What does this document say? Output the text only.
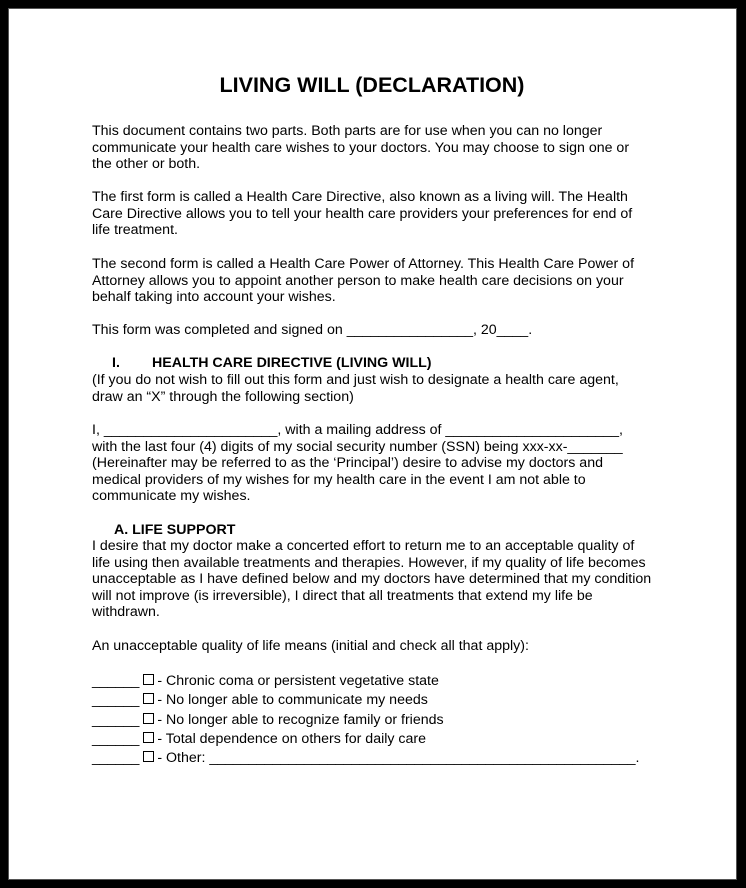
LIVING WILL (DECLARATION)

This document contains two parts. Both parts are for use when you can no longer communicate your health care wishes to your doctors. You may choose to sign one or the other or both.

The first form is called a Health Care Directive, also known as a living will. The Health Care Directive allows you to tell your health care providers your preferences for end of life treatment.

The second form is called a Health Care Power of Attorney. This Health Care Power of Attorney allows you to appoint another person to make health care decisions on your behalf taking into account your wishes.

This form was completed and signed on ________________, 20____.

I. HEALTH CARE DIRECTIVE (LIVING WILL)

(If you do not wish to fill out this form and just wish to designate a health care agent, draw an “X” through the following section)

I, ______________________, with a mailing address of ______________________, with the last four (4) digits of my social security number (SSN) being xxx-xx-_______ (Hereinafter may be referred to as the ‘Principal’) desire to advise my doctors and medical providers of my wishes for my health care in the event I am not able to communicate my wishes.

A. LIFE SUPPORT

I desire that my doctor make a concerted effort to return me to an acceptable quality of life using then available treatments and therapies. However, if my quality of life becomes unacceptable as I have defined below and my doctors have determined that my condition will not improve (is irreversible), I direct that all treatments that extend my life be withdrawn.

An unacceptable quality of life means (initial and check all that apply):

______ - Chronic coma or persistent vegetative state
______ - No longer able to communicate my needs
______ - No longer able to recognize family or friends
______ - Total dependence on others for daily care
______ - Other: ______________________________________________________.
